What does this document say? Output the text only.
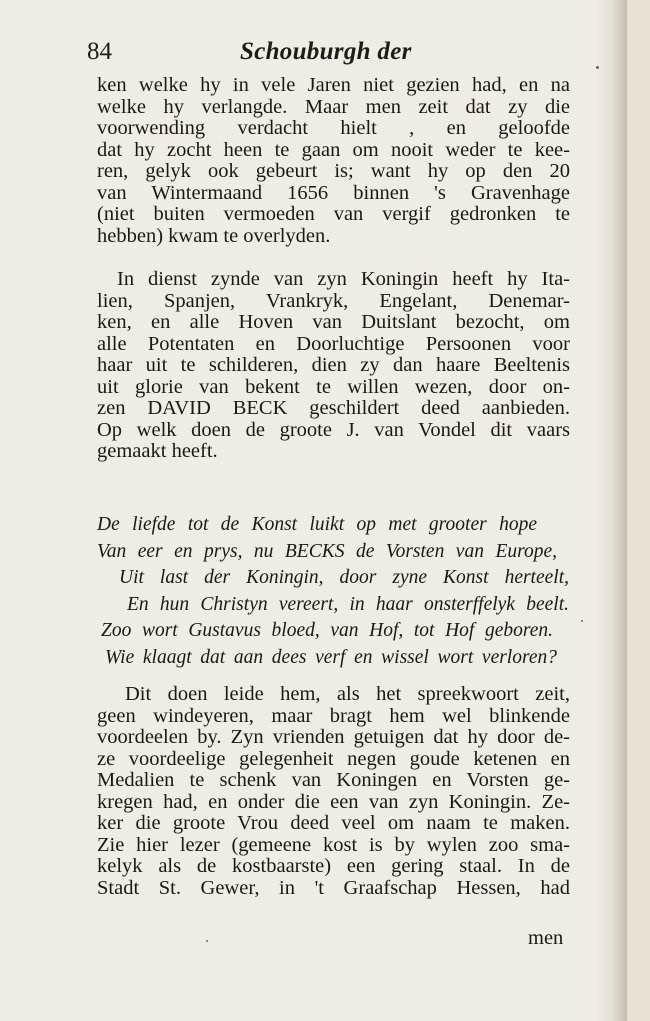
84	Schouburgh der
ken welke hy in vele Jaren niet gezien had, en na
welke hy verlangde. Maar men zeit dat zy die
voorwending verdacht hielt , en geloofde
dat hy zocht heen te gaan om nooit weder te kee-
ren, gelyk ook gebeurt is; want hy op den 20
van Wintermaand 1656 binnen 's Gravenhage
(niet buiten vermoeden van vergif gedronken te
hebben) kwam te overlyden.
In dienst zynde van zyn Koningin heeft hy Ita-
lien, Spanjen, Vrankryk, Engelant, Denemar-
ken, en alle Hoven van Duitslant bezocht, om
alle Potentaten en Doorluchtige Persoonen voor
haar uit te schilderen, dien zy dan haare Beeltenis
uit glorie van bekent te willen wezen, door on-
zen DAVID BECK geschildert deed aanbieden.
Op welk doen de groote J. van Vondel dit vaars
gemaakt heeft.
De liefde tot de Konst luikt op met grooter hope
Van eer en prys, nu BECKS de Vorsten van Europe,
Uit last der Koningin, door zyne Konst herteelt,
En hun Christyn vereert, in haar onsterffelyk beelt.
Zoo wort Gustavus bloed, van Hof, tot Hof geboren.
Wie klaagt dat aan dees verf en wissel wort verloren?
Dit doen leide hem, als het spreekwoort zeit,
geen windeyeren, maar bragt hem wel blinkende
voordeelen by. Zyn vrienden getuigen dat hy door de-
ze voordeelige gelegenheit negen goude ketenen en
Medalien te schenk van Koningen en Vorsten ge-
kregen had, en onder die een van zyn Koningin. Ze-
ker die groote Vrou deed veel om naam te maken.
Zie hier lezer (gemeene kost is by wylen zoo sma-
kelyk als de kostbaarste) een gering staal. In de
Stadt St. Gewer, in 't Graafschap Hessen, had
men
